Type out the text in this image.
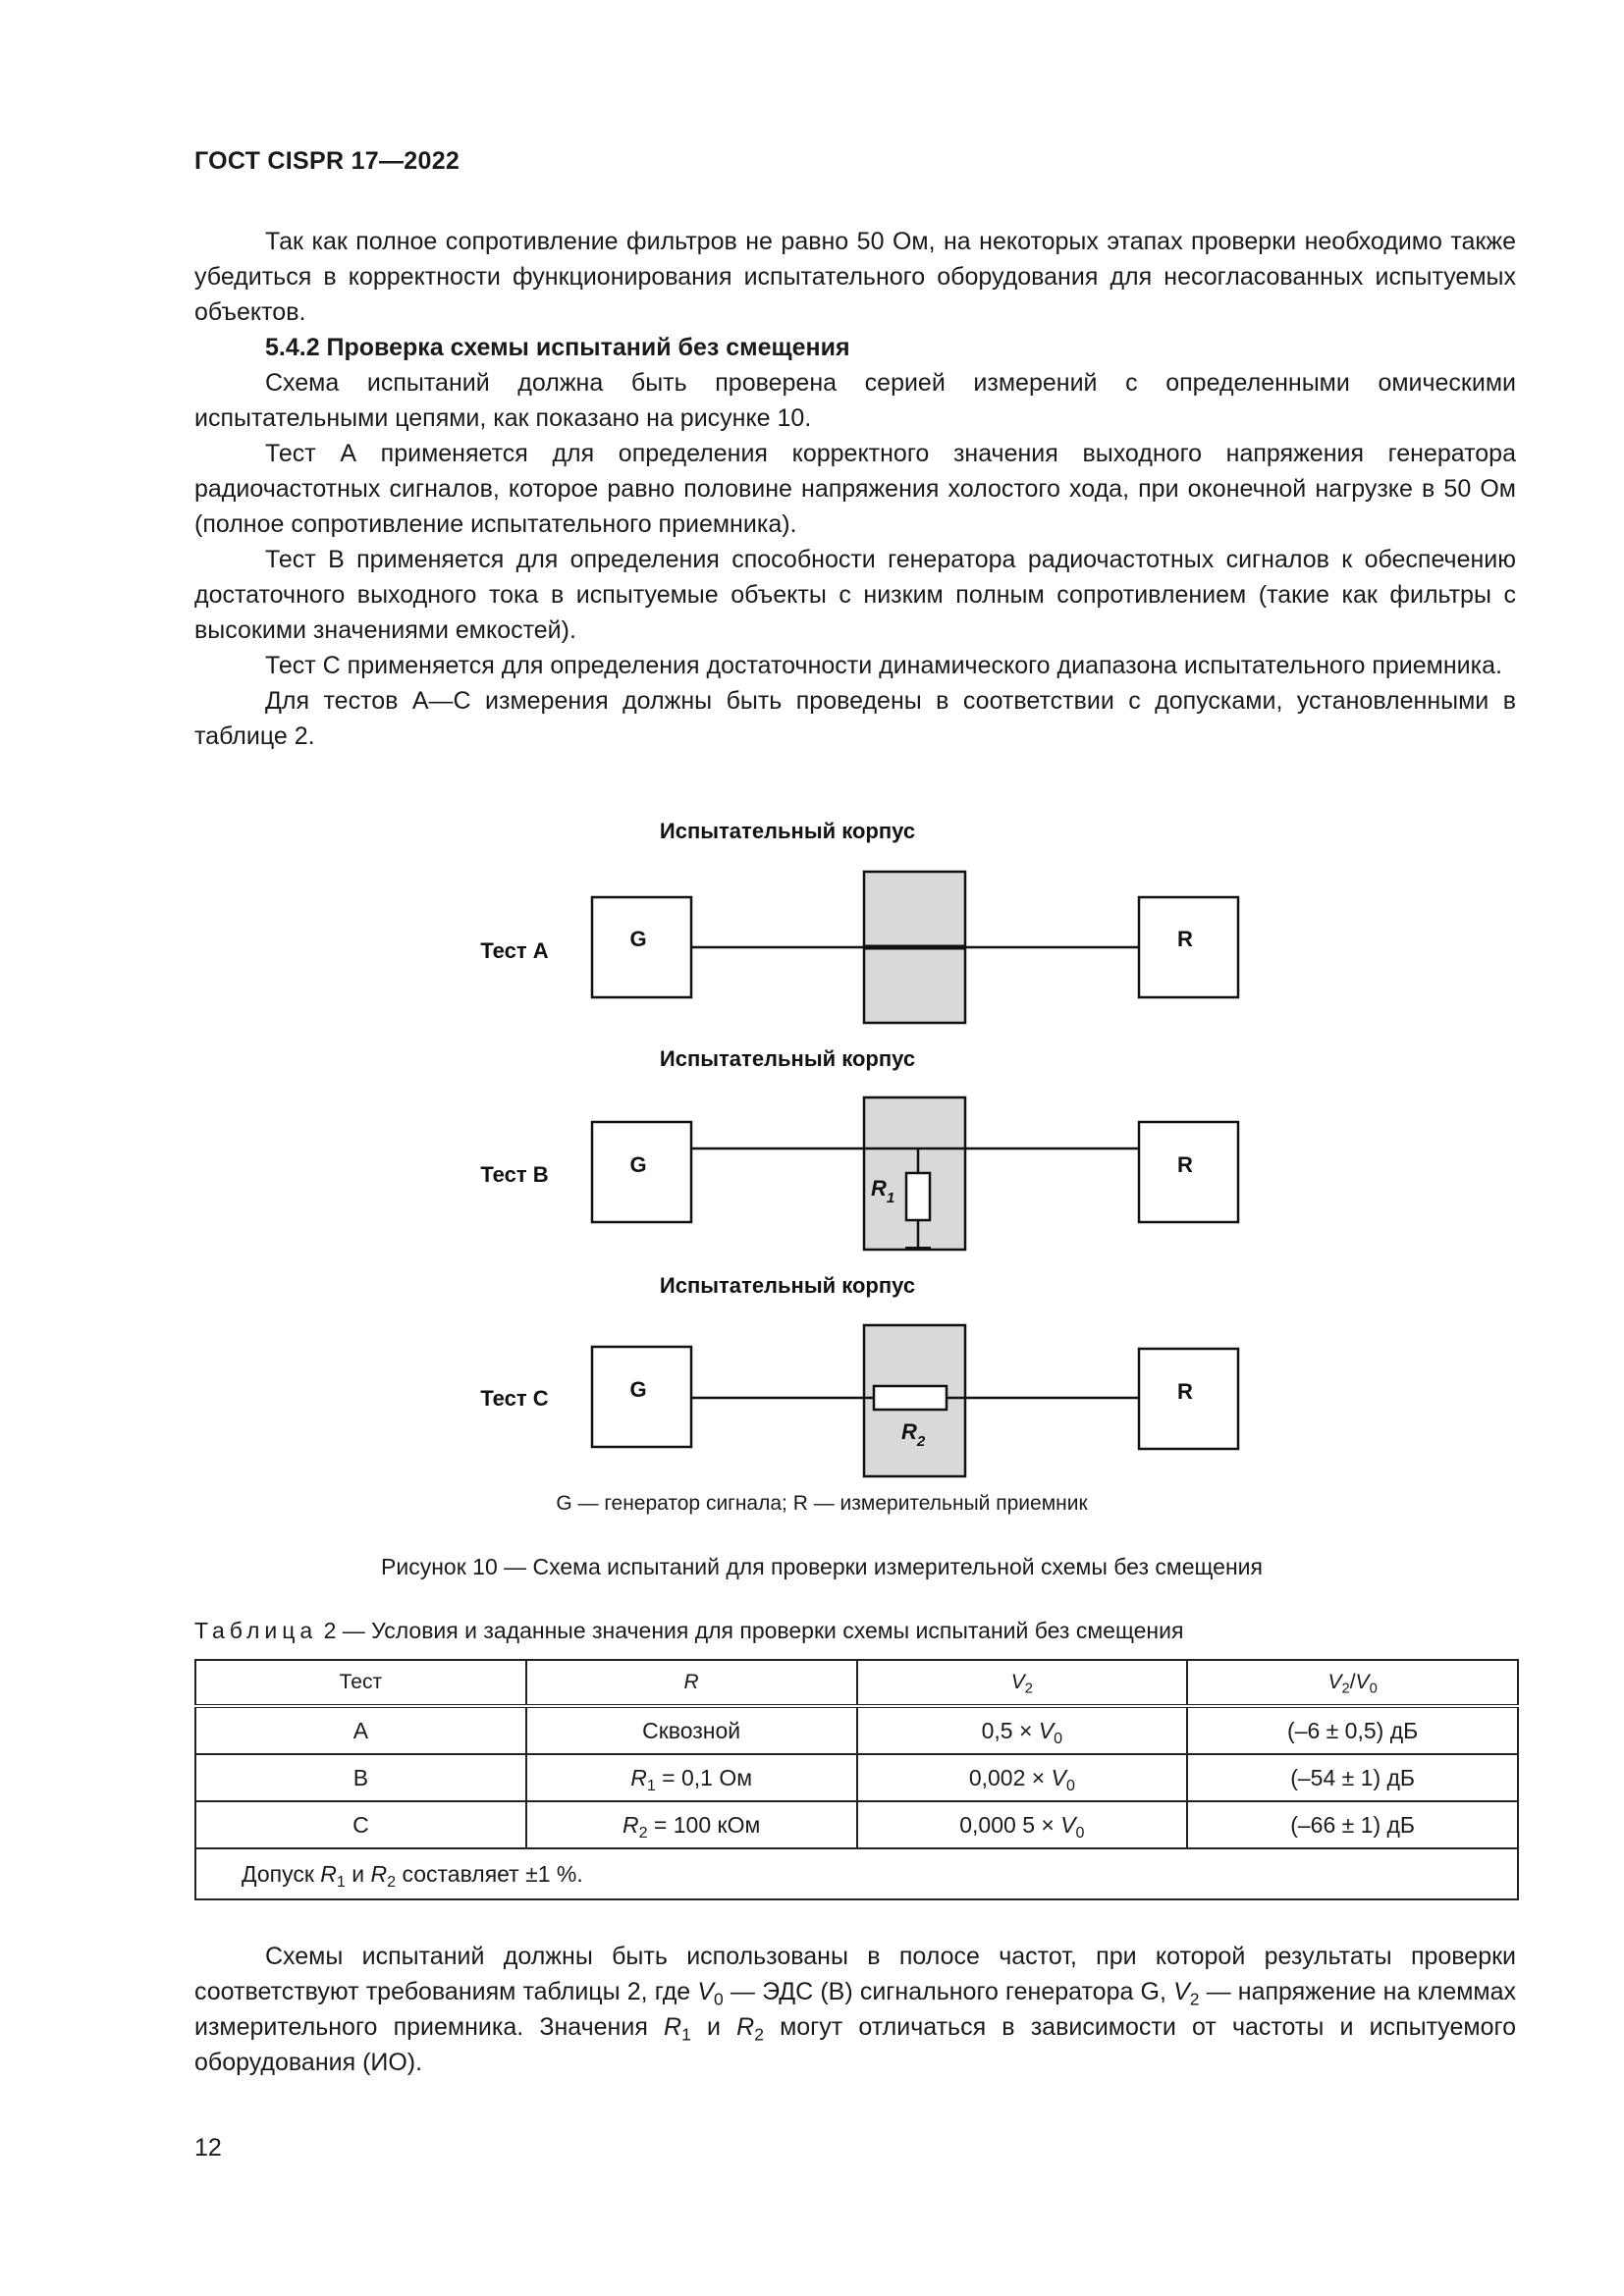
ГОСТ CISPR 17—2022

Так как полное сопротивление фильтров не равно 50 Ом, на некоторых этапах проверки необходимо также убедиться в корректности функционирования испытательного оборудования для несогласованных испытуемых объектов.

5.4.2 Проверка схемы испытаний без смещения

Схема испытаний должна быть проверена серией измерений с определенными омическими испытательными цепями, как показано на рисунке 10.

Тест А применяется для определения корректного значения выходного напряжения генератора радиочастотных сигналов, которое равно половине напряжения холостого хода, при оконечной нагрузке в 50 Ом (полное сопротивление испытательного приемника).

Тест В применяется для определения способности генератора радиочастотных сигналов к обеспечению достаточного выходного тока в испытуемые объекты с низким полным сопротивлением (такие как фильтры с высокими значениями емкостей).

Тест С применяется для определения достаточности динамического диапазона испытательного приемника.

Для тестов А—С измерения должны быть проведены в соответствии с допусками, установленными в таблице 2.

Испытательный корпус
G	R
Тест А
Испытательный корпус
$R_1$
G	R
Тест В
Испытательный корпус
$R_2$
G	R
Тест С
G — генератор сигнала; R — измерительный приемник
Рисунок 10 — Схема испытаний для проверки измерительной схемы без смещения
Таблица 2 — Условия и заданные значения для проверки схемы испытаний без смещения
Тест	R	$V_2$	$V_2/V_0$
А	Сквозной	$0,5 \times V_0$	(–6 ± 0,5) дБ
В	$R_1 = 0,1$ Ом	$0,002 \times V_0$	(–54 ± 1) дБ
С	$R_2 = 100$ кОм	0,000 $5 \times V_0$	(–66 ± 1) дБ
Допуск $R_1$ и $R_2$ составляет ±1 %.			

Схемы испытаний должны быть использованы в полосе частот, при которой результаты проверки соответствуют требованиям таблицы 2, где $V_0$ — ЭДС (В) сигнального генератора G, $V_2$ — напряжение на клеммах измерительного приемника. Значения $R_1$ и $R_2$ могут отличаться в зависимости от частоты и испытуемого оборудования (ИО).

12
